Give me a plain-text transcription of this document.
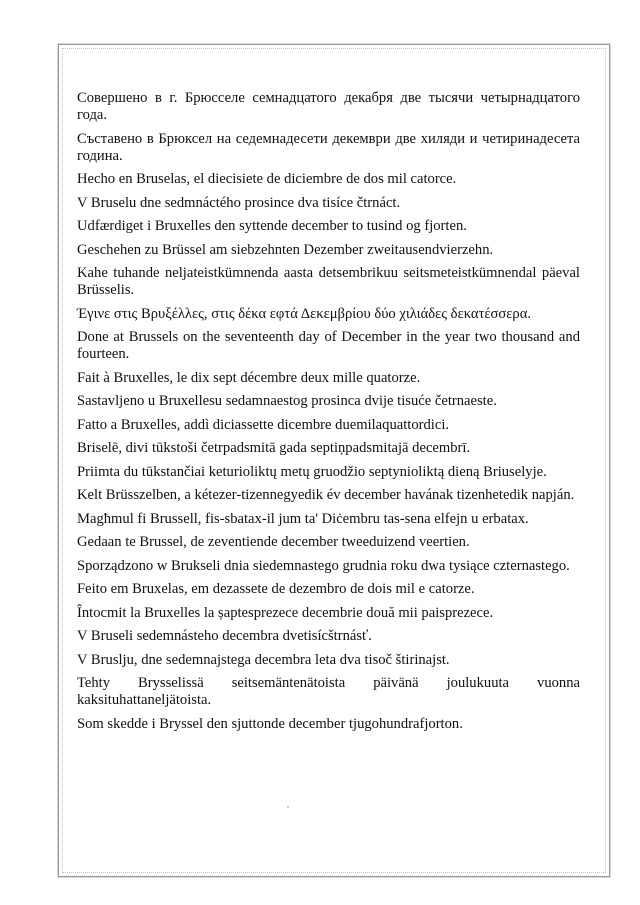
Совершено в г. Брюсселе семнадцатого декабря две тысячи четырнадцатого года.

Съставено в Брюксел на седемнадесети декември две хиляди и четиринадесета година.

Hecho en Bruselas, el diecisiete de diciembre de dos mil catorce.

V Bruselu dne sedmnáctého prosince dva tisíce čtrnáct.

Udfærdiget i Bruxelles den syttende december to tusind og fjorten.

Geschehen zu Brüssel am siebzehnten Dezember zweitausendvierzehn.

Kahe tuhande neljateistkümnenda aasta detsembrikuu seitsmeteistkümnendal päeval Brüsselis.

Έγινε στις Βρυξέλλες, στις δέκα εφτά Δεκεμβρίου δύο χιλιάδες δεκατέσσερα.

Done at Brussels on the seventeenth day of December in the year two thousand and fourteen.

Fait à Bruxelles, le dix sept décembre deux mille quatorze.

Sastavljeno u Bruxellesu sedamnaestog prosinca dvije tisuće četrnaeste.

Fatto a Bruxelles, addì diciassette dicembre duemilaquattordici.

Briselē, divi tūkstoši četrpadsmitā gada septiņpadsmitajā decembrī.

Priimta du tūkstančiai keturioliktų metų gruodžio septynioliktą dieną Briuselyje.

Kelt Brüsszelben, a kétezer-tizennegyedik év december havának tizenhetedik napján.

Magħmul fi Brussell, fis-sbatax-il jum ta' Diċembru tas-sena elfejn u erbatax.

Gedaan te Brussel, de zeventiende december tweeduizend veertien.

Sporządzono w Brukseli dnia siedemnastego grudnia roku dwa tysiące czternastego.

Feito em Bruxelas, em dezassete de dezembro de dois mil e catorze.

Întocmit la Bruxelles la șaptesprezece decembrie două mii paisprezece.

V Bruseli sedemnásteho decembra dvetisícštrnásť.

V Bruslju, dne sedemnajstega decembra leta dva tisoč štirinajst.

Tehty Brysselissä seitsemäntenätoista päivänä joulukuuta vuonna kaksituhattaneljätoista.

Som skedde i Bryssel den sjuttonde december tjugohundrafjorton.
